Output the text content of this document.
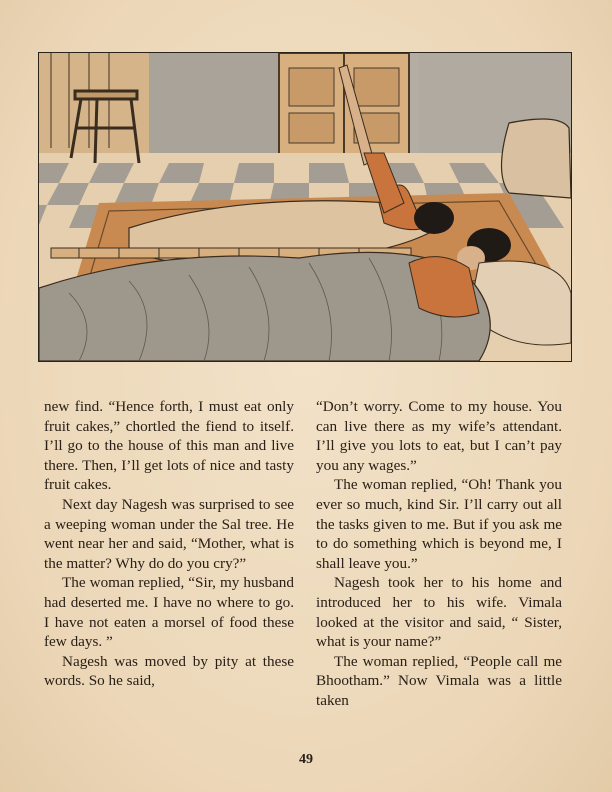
new find. “Hence forth, I must eat only fruit cakes,” chortled the fiend to itself. I’ll go to the house of this man and live there. Then, I’ll get lots of nice and tasty fruit cakes.

Next day Nagesh was surprised to see a weeping woman under the Sal tree. He went near her and said, “Mother, what is the matter? Why do do you cry?”

The woman replied, “Sir, my husband had deserted me. I have no where to go. I have not eaten a morsel of food these few days. ”

Nagesh was moved by pity at these words. So he said,

“Don’t worry. Come to my house. You can live there as my wife’s attendant. I’ll give you lots to eat, but I can’t pay you any wages.”

The woman replied, “Oh! Thank you ever so much, kind Sir. I’ll carry out all the tasks given to me. But if you ask me to do something which is beyond me, I shall leave you.”

Nagesh took her to his home and introduced her to his wife. Vimala looked at the visitor and said, “ Sister, what is your name?”

The woman replied, “People call me Bhootham.” Now Vimala was a little taken

49
